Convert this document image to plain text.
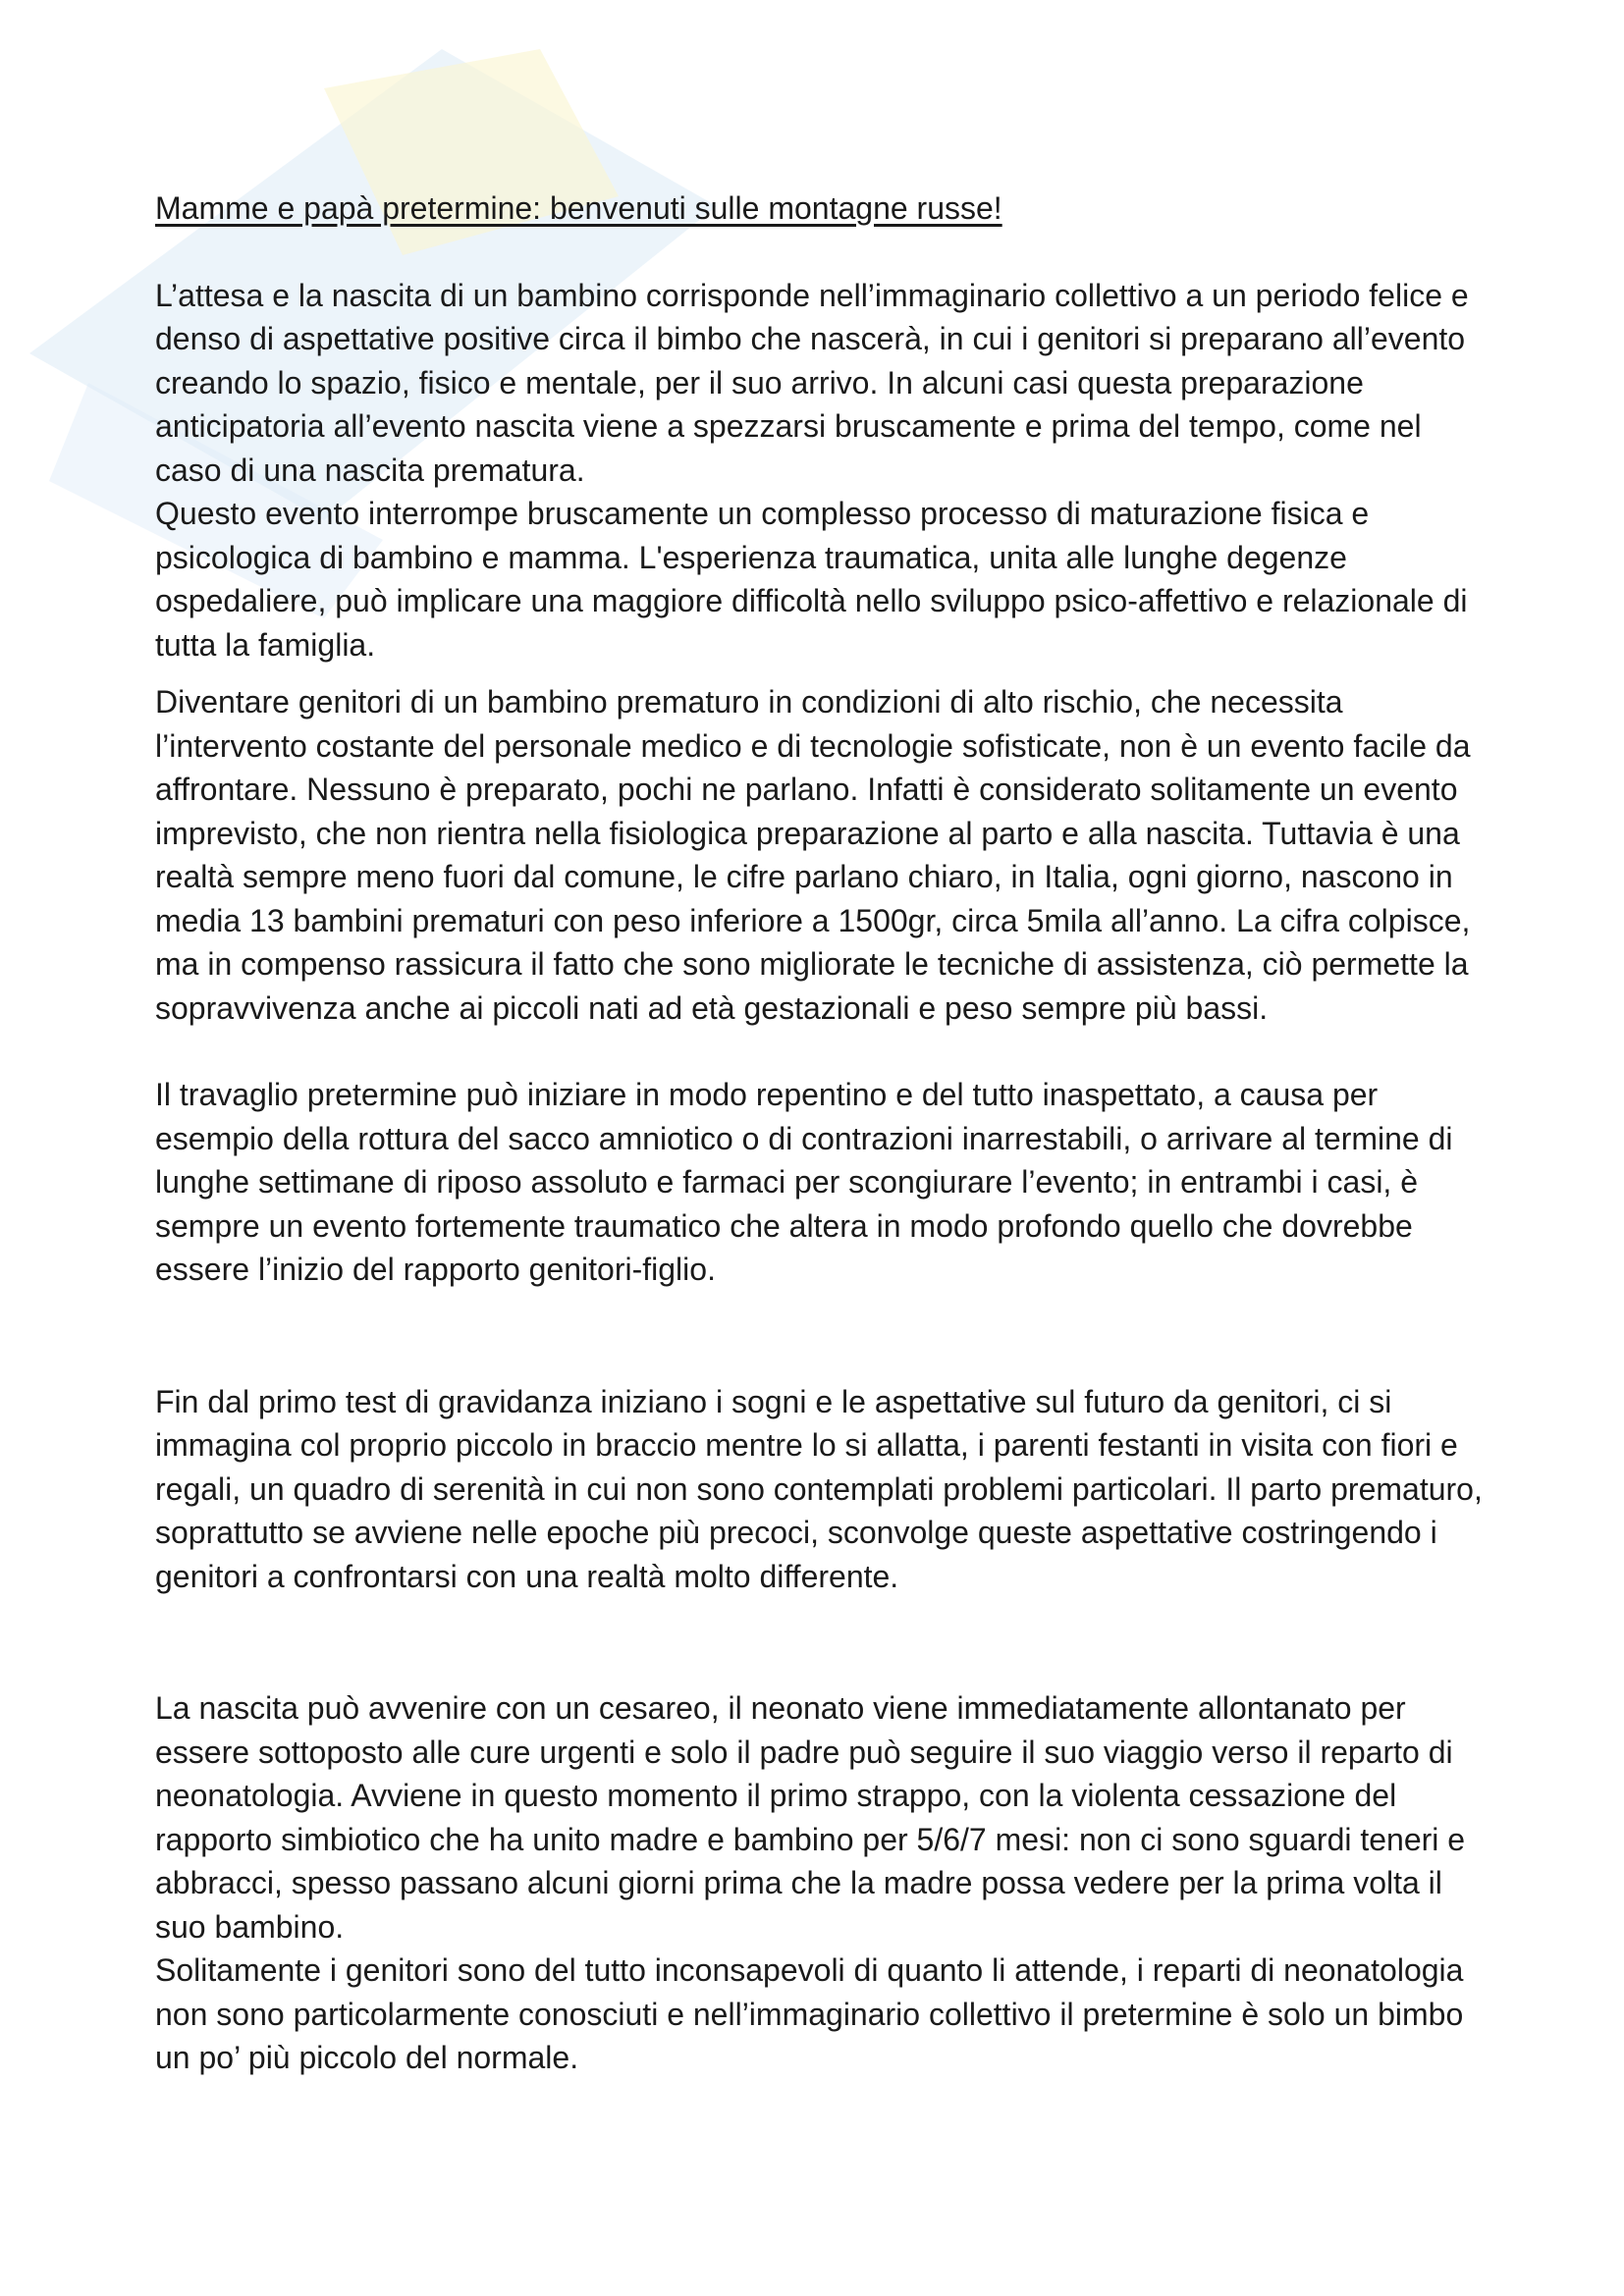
Mamme e papà pretermine: benvenuti sulle montagne russe!

L’attesa e la nascita di un bambino corrisponde nell’immaginario collettivo a un periodo felice e denso di aspettative positive circa il bimbo che nascerà, in cui i genitori si preparano all’evento creando lo spazio, fisico e mentale, per il suo arrivo. In alcuni casi questa preparazione anticipatoria all’evento nascita viene a spezzarsi bruscamente e prima del tempo, come nel caso di una nascita prematura.

Questo evento interrompe bruscamente un complesso processo di maturazione fisica e psicologica di bambino e mamma. L'esperienza traumatica, unita alle lunghe degenze ospedaliere, può implicare una maggiore difficoltà nello sviluppo psico-affettivo e relazionale di tutta la famiglia.

Diventare genitori di un bambino prematuro in condizioni di alto rischio, che necessita l’intervento costante del personale medico e di tecnologie sofisticate, non è un evento facile da affrontare. Nessuno è preparato, pochi ne parlano. Infatti è considerato solitamente un evento imprevisto, che non rientra nella fisiologica preparazione al parto e alla nascita. Tuttavia è una realtà sempre meno fuori dal comune, le cifre parlano chiaro, in Italia, ogni giorno, nascono in media 13 bambini prematuri con peso inferiore a 1500gr, circa 5mila all’anno. La cifra colpisce, ma in compenso rassicura il fatto che sono migliorate le tecniche di assistenza, ciò permette la sopravvivenza anche ai piccoli nati ad età gestazionali e peso sempre più bassi.

Il travaglio pretermine può iniziare in modo repentino e del tutto inaspettato, a causa per esempio della rottura del sacco amniotico o di contrazioni inarrestabili, o arrivare al termine di lunghe settimane di riposo assoluto e farmaci per scongiurare l’evento; in entrambi i casi, è sempre un evento fortemente traumatico che altera in modo profondo quello che dovrebbe essere l’inizio del rapporto genitori-figlio.

Fin dal primo test di gravidanza iniziano i sogni e le aspettative sul futuro da genitori, ci si immagina col proprio piccolo in braccio mentre lo si allatta, i parenti festanti in visita con fiori e regali, un quadro di serenità in cui non sono contemplati problemi particolari. Il parto prematuro, soprattutto se avviene nelle epoche più precoci, sconvolge queste aspettative costringendo i genitori a confrontarsi con una realtà molto differente.

La nascita può avvenire con un cesareo, il neonato viene immediatamente allontanato per essere sottoposto alle cure urgenti e solo il padre può seguire il suo viaggio verso il reparto di neonatologia. Avviene in questo momento il primo strappo, con la violenta cessazione del rapporto simbiotico che ha unito madre e bambino per 5/6/7 mesi: non ci sono sguardi teneri e abbracci, spesso passano alcuni giorni prima che la madre possa vedere per la prima volta il suo bambino.

Solitamente i genitori sono del tutto inconsapevoli di quanto li attende, i reparti di neonatologia non sono particolarmente conosciuti e nell’immaginario collettivo il pretermine è solo un bimbo un po’ più piccolo del normale.
